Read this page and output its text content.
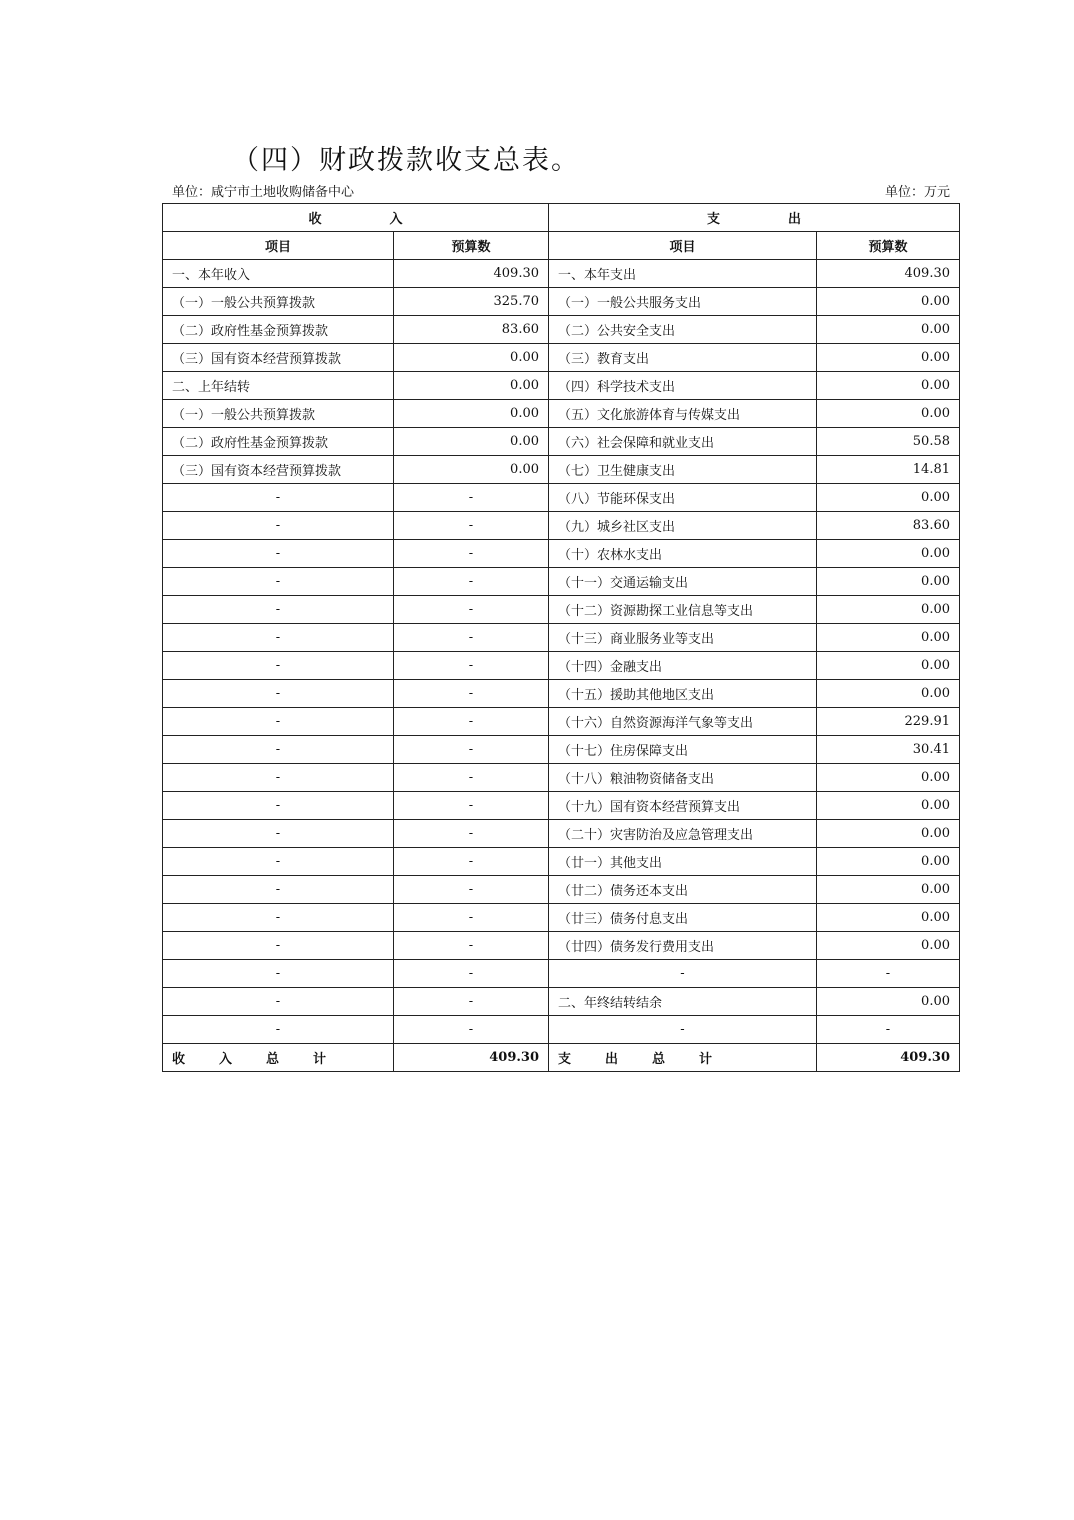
（四）财政拨款收支总表。
单位：咸宁市土地收购储备中心	单位：万元
收 入		支 出	
项目	预算数	项目	预算数
一、本年收入	409.30	一、本年支出	409.30
（一）一般公共预算拨款	325.70	（一）一般公共服务支出	0.00
（二）政府性基金预算拨款	83.60	（二）公共安全支出	0.00
（三）国有资本经营预算拨款	0.00	（三）教育支出	0.00
二、上年结转	0.00	（四）科学技术支出	0.00
（一）一般公共预算拨款	0.00	（五）文化旅游体育与传媒支出	0.00
（二）政府性基金预算拨款	0.00	（六）社会保障和就业支出	50.58
（三）国有资本经营预算拨款	0.00	（七）卫生健康支出	14.81
-	-	（八）节能环保支出	0.00
-	-	（九）城乡社区支出	83.60
-	-	（十）农林水支出	0.00
-	-	（十一）交通运输支出	0.00
-	-	（十二）资源勘探工业信息等支出	0.00
-	-	（十三）商业服务业等支出	0.00
-	-	（十四）金融支出	0.00
-	-	（十五）援助其他地区支出	0.00
-	-	（十六）自然资源海洋气象等支出	229.91
-	-	（十七）住房保障支出	30.41
-	-	（十八）粮油物资储备支出	0.00
-	-	（十九）国有资本经营预算支出	0.00
-	-	（二十）灾害防治及应急管理支出	0.00
-	-	（廿一）其他支出	0.00
-	-	（廿二）债务还本支出	0.00
-	-	（廿三）债务付息支出	0.00
-	-	（廿四）债务发行费用支出	0.00
-	-	-	-
-	-	二、年终结转结余	0.00
-	-	-	-
收 入 总 计	409.30	支 出 总 计	409.30
